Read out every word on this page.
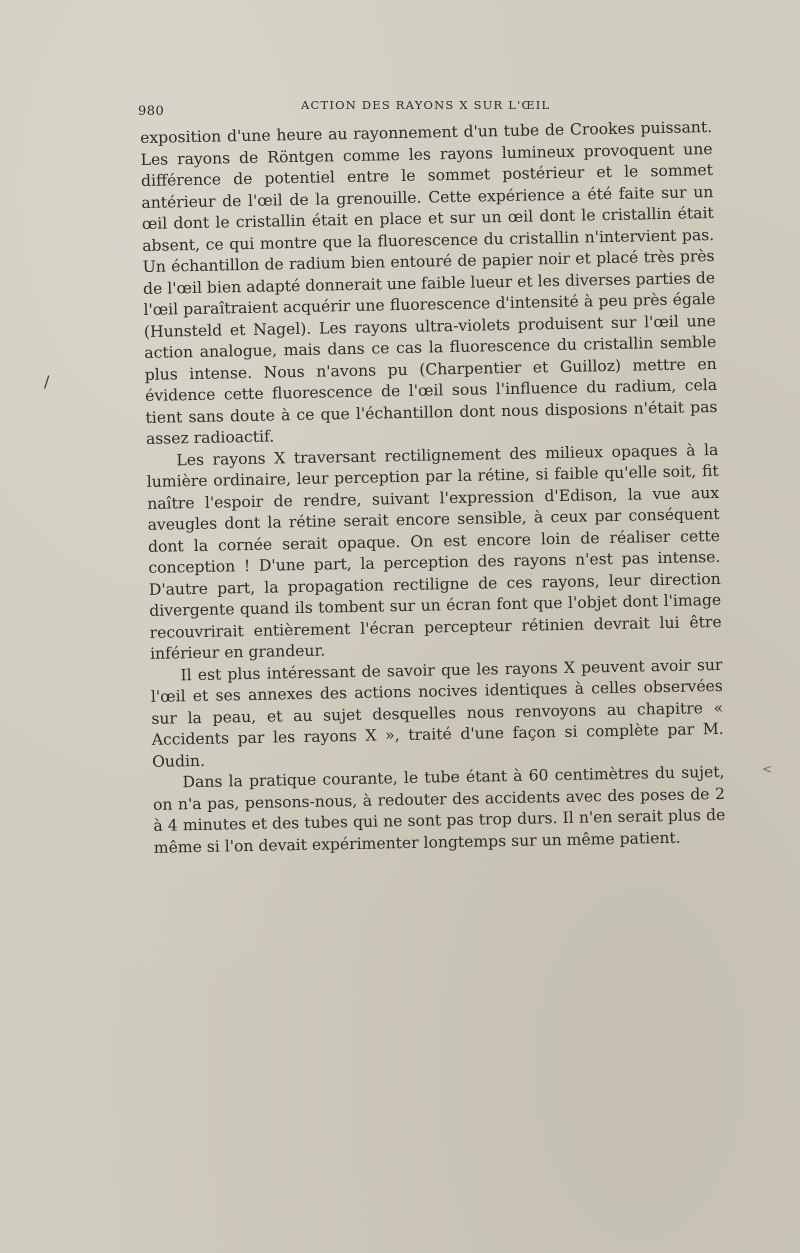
980	ACTION DES RAYONS X SUR L'ŒIL

exposition d'une heure au rayonnement d'un tube de Crookes puissant. Les rayons de Röntgen comme les rayons lumineux provoquent une différence de potentiel entre le sommet postérieur et le sommet antérieur de l'œil de la grenouille. Cette expérience a été faite sur un œil dont le cristallin était en place et sur un œil dont le cristallin était absent, ce qui montre que la fluorescence du cristallin n'intervient pas. Un échantillon de radium bien entouré de papier noir et placé très près de l'œil bien adapté donnerait une faible lueur et les diverses parties de l'œil paraîtraient acquérir une fluorescence d'intensité à peu près égale (Hunsteld et Nagel). Les rayons ultra-violets produisent sur l'œil une action analogue, mais dans ce cas la fluorescence du cristallin semble plus intense. Nous n'avons pu (Charpentier et Guilloz) mettre en évidence cette fluorescence de l'œil sous l'influence du radium, cela tient sans doute à ce que l'échantillon dont nous disposions n'était pas assez radioactif.

Les rayons X traversant rectilignement des milieux opaques à la lumière ordinaire, leur perception par la rétine, si faible qu'elle soit, fit naître l'espoir de rendre, suivant l'expression d'Edison, la vue aux aveugles dont la rétine serait encore sensible, à ceux par conséquent dont la cornée serait opaque. On est encore loin de réaliser cette conception ! D'une part, la perception des rayons n'est pas intense. D'autre part, la propagation rectiligne de ces rayons, leur direction divergente quand ils tombent sur un écran font que l'objet dont l'image recouvrirait entièrement l'écran percepteur rétinien devrait lui être inférieur en grandeur.

Il est plus intéressant de savoir que les rayons X peuvent avoir sur l'œil et ses annexes des actions nocives identiques à celles observées sur la peau, et au sujet desquelles nous renvoyons au chapitre « Accidents par les rayons X », traité d'une façon si complète par M. Oudin.

Dans la pratique courante, le tube étant à 60 centimètres du sujet, on n'a pas, pensons-nous, à redouter des accidents avec des poses de 2 à 4 minutes et des tubes qui ne sont pas trop durs. Il n'en serait plus de même si l'on devait expérimenter longtemps sur un même patient.

/
<
